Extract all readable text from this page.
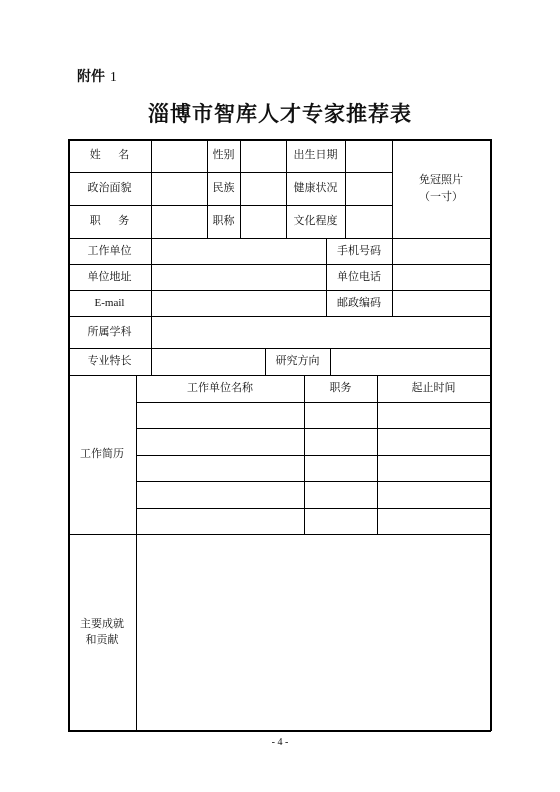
附件 1
淄博市智库人才专家推荐表
姓     名	性别	出生日期
免冠照片
（一寸）
政治面貌	民族	健康状况
职     务	职称	文化程度
工作单位	手机号码
单位地址	单位电话
E-mail	邮政编码
所属学科
专业特长	研究方向
工作简历
工作单位名称	职务	起止时间
主要成就
和贡献
- 4 -
